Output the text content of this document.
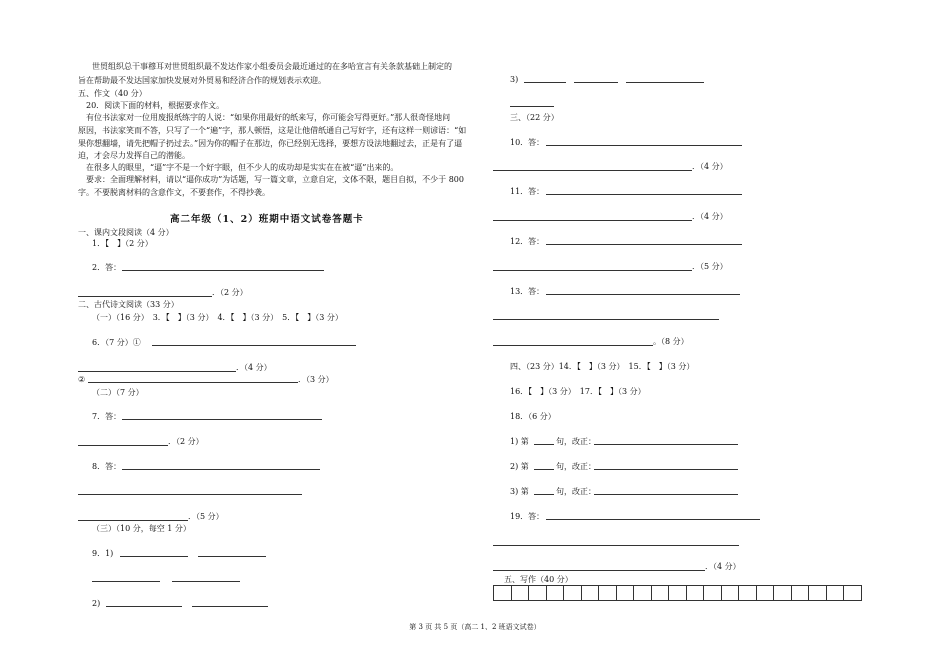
世贸组织总干事穆耳对世贸组织最不发达作家小组委员会最近通过的在多哈宣言有关条款基础上制定的
旨在帮助最不发达国家加快发展对外贸易和经济合作的规划表示欢迎。
五、作文（40 分）
20．阅读下面的材料，根据要求作文。
有位书法家对一位用废报纸练字的人说：“如果你用最好的纸来写，你可能会写得更好。”那人很奇怪地问
原因，书法家笑而不答，只写了一个“遍”字，那人顿悟，这是让他借纸通自己写好字，还有这样一则谚语：“如
果你想翻墙，请先把帽子扔过去。”因为你的帽子在那边，你已经别无选择，要想方设法地翻过去，正是有了逼
迫，才会尽力发挥自己的潜能。
在很多人的眼里，“逼”字不是一个好字眼，但不少人的成功却是实实在在被“逼”出来的。
要求：全面理解材料，请以“逼你成功”为话题，写一篇文章，立意自定，文体不限，题目自拟，不少于 800
字。不要脱离材料的含意作文，不要套作，不得抄袭。
高二年级（1、2）班期中语文试卷答题卡
一、课内文段阅读（4 分）
1．【　】（2 分）
2．答：
．（2 分）
二、古代诗文阅读（33 分）
（一）（16 分）　3．【　】（3 分）　4．【　】（3 分）　5．【　】（3 分）
6．（7 分）①
．（4 分）
②	．（3 分）
（二）（7 分）
7．答：
．（2 分）
8．答：
．（5 分）
（三）（10 分，每空 1 分）
9．1)
2)
3)
三、（22 分）
10．答：
．（4 分）
11．答：
．（4 分）
12．答：
．（5 分）
13．答：
。（8 分）
四、（23 分）14．【　】（3 分）　15．【　】（3 分）
16．【　】（3 分）　17．【　】（3 分）
18．（6 分）
1) 第	句，改正：
2) 第	句，改正：
3) 第	句，改正：
19．答：
．（4 分）
五、写作（40 分）
第 3 页 共 5 页（高二 1、2 班语文试卷）
